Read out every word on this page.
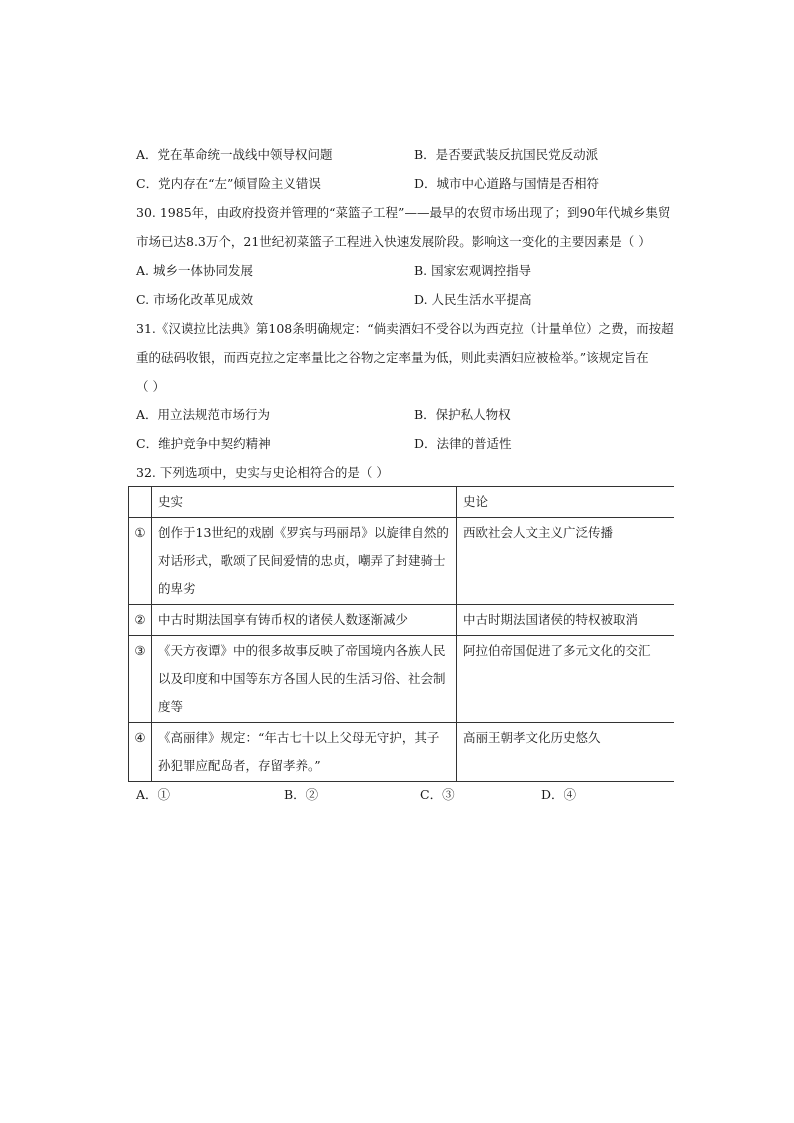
A．党在革命统一战线中领导权问题	B．是否要武装反抗国民党反动派
C．党内存在“左”倾冒险主义错误	D．城市中心道路与国情是否相符
30. 1985年，由政府投资并管理的“菜篮子工程”——最早的农贸市场出现了；到90年代城乡集贸
市场已达8.3万个，21世纪初菜篮子工程进入快速发展阶段。影响这一变化的主要因素是（ ）
A. 城乡一体协同发展	B. 国家宏观调控指导
C. 市场化改革见成效	D. 人民生活水平提高
31.《汉谟拉比法典》第108条明确规定：“倘卖酒妇不受谷以为西克拉（计量单位）之费，而按超
重的砝码收银，而西克拉之定率量比之谷物之定率量为低，则此卖酒妇应被检举。”该规定旨在
（ ）
A．用立法规范市场行为	B．保护私人物权
C．维护竞争中契约精神	D．法律的普适性
32. 下列选项中，史实与史论相符合的是（ ）
	史实	史论
①	创作于13世纪的戏剧《罗宾与玛丽昂》以旋律自然的对话形式，歌颂了民间爱情的忠贞，嘲弄了封建骑士的卑劣	西欧社会人文主义广泛传播
②	中古时期法国享有铸币权的诸侯人数逐渐减少	中古时期法国诸侯的特权被取消
③	《天方夜谭》中的很多故事反映了帝国境内各族人民以及印度和中国等东方各国人民的生活习俗、社会制度等	阿拉伯帝国促进了多元文化的交汇
④	《高丽律》规定：“年古七十以上父母无守护，其子孙犯罪应配岛者，存留孝养。”	高丽王朝孝文化历史悠久
A．①	B．②	C．③	D．④
